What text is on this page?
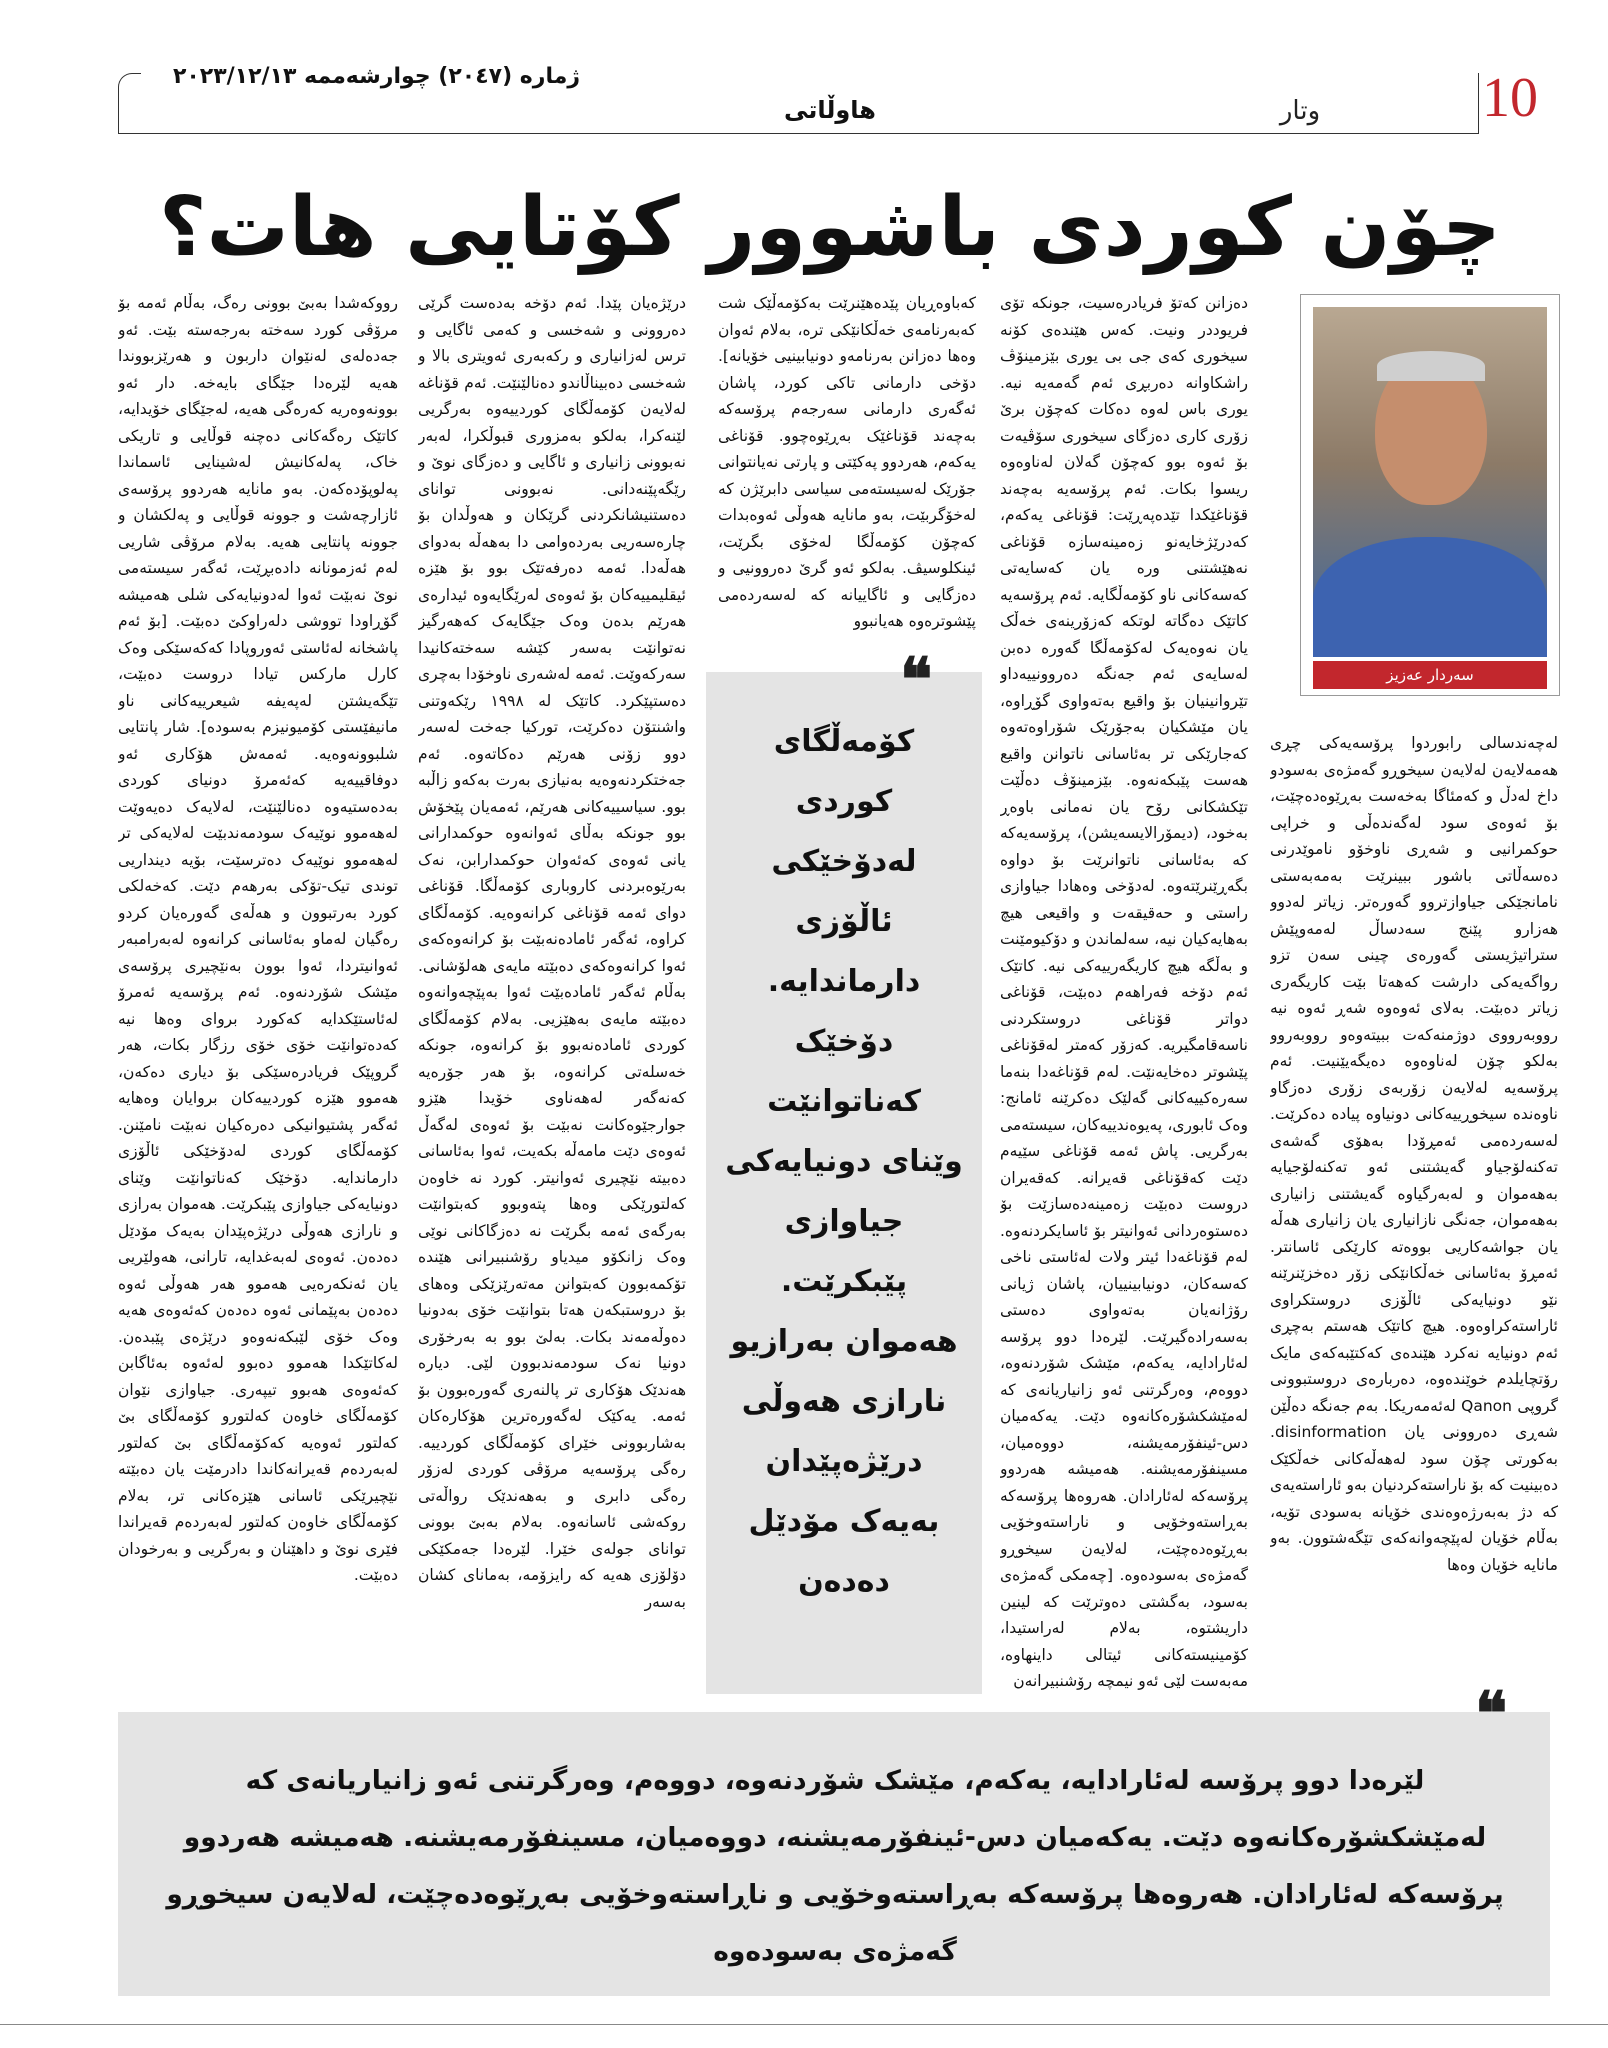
ژماره (٢٠٤٧) چوارشەممە ٢٠٢٣/١٢/١٣
هاوڵاتی	وتار	10
چۆن کوردی باشوور کۆتایی هات؟
سەردار عەزیز

لەچەندسالی رابوردوا پرۆسەیەکی چڕی هەمەلایەن لەلایەن سیخوڕو گەمژەی بەسودو داخ لەدڵ و کەمئاگا بەخەست بەڕێوەدەچێت، بۆ ئەوەی سود لەگەندەڵی و خراپی حوکمرانیی و شەڕی ناوخۆو ناموێدرنی دەسەڵاتی باشور ببینرێت بەمەبەستی نامانجێکی جیاوازتروو گەورەتر. زیاتر لەدوو هەزارو پێنج سەدساڵ لەمەوپێش ستراتیژیستی گەورەی چینی سەن تزو رواگەیەکی دارشت کەهەتا بێت کاریگەری زیاتر دەبێت. بەلای ئەوەوە شەڕ ئەوە نیە رووبەرووی دوژمنەکەت ببیتەوەو رووبەروو بەلکو چۆن لەناوەوە دەیگەیێنیت. ئەم پرۆسەیە لەلایەن زۆربەی زۆری دەزگاو ناوەندە سیخوڕییەکانی دونیاوە پیادە دەکرێت. لەسەردەمی ئەمڕۆدا بەهۆی گەشەی تەکنەلۆجیاو گەیشتنی ئەو تەکنەلۆجیایە بەهەموان و لەبەرگیاوە گەیشتنی زانیاری بەهەموان، جەنگی نازانیاری یان زانیاری هەڵە یان جواشەکاریی بووەتە کارێکی ئاسانتر. ئەمڕۆ بەئاسانی خەڵکانێکی زۆر دەخزێنرێنە نێو دونیایەکی ئاڵۆزی دروستکراوی ئاراستەکراوەوە. هیچ کاتێک هەستم بەچڕی ئەم دونیایە نەکرد هێندەی کەکتێبەکەی مایک رۆتچایلدم خوێندەوە، دەربارەی دروستبوونی گروپی Qanon لەئەمەریکا. بەم جەنگە دەڵێن شەڕی دەروونی یان disinformation. بەکورتی چۆن سود لەهەڵەکانی خەڵکێک دەبینیت کە بۆ ناراستەکردنیان بەو ئاراستەیەی کە دژ بەبەرژەوەندی خۆیانە بەسودی تۆیە، بەڵام خۆیان لەپێچەوانەکەی تێگەشتوون. بەو مانایە خۆیان وەها

دەزانن کەتۆ فریادرەسیت، جونکە تۆی فریوددر ونیت. کەس هێندەی کۆنە سیخوری کەی جی بی یوری بێزمینۆڤ راشکاوانە دەربڕی ئەم گەمەیە نیە. یوری باس لەوە دەکات کەچۆن برێ زۆری کاری دەزگای سیخوری سۆڤیەت بۆ ئەوە بوو کەچۆن گەلان لەناوەوە ریسوا بکات. ئەم پرۆسەیە بەچەند قۆناغێکدا تێدەپەڕێت: قۆناغی یەکەم، کەدرێژخایەنو زەمینەسازە قۆناغی نەهێشتنی ورە یان کەسایەتی کەسەکانی ناو کۆمەڵگایە. ئەم پرۆسەیە کاتێک دەگاتە لوتکە کەزۆرینەی خەڵک یان نەوەیەک لەکۆمەڵگا گەورە دەبن لەسایەی ئەم جەنگە دەروونییەداو تێروانینیان بۆ واقیع بەتەواوی گۆڕاوە، یان مێشکیان بەجۆرێک شۆراوەتەوە کەجارێکی تر بەئاسانی ناتوانن واقیع هەست پێبکەنەوە. بێزمینۆڤ دەڵێت تێکشکانی رۆح یان نەمانی باوەڕ بەخود، (دیمۆرالایسەیشن)، پرۆسەیەکە کە بەئاسانی ناتوانرێت بۆ دواوە بگەڕێنرێتەوە. لەدۆخی وەهادا جیاوازی راستی و حەقیقەت و واقیعی هیچ بەهایەکیان نیە، سەلماندن و دۆکیومێنت و بەڵگە هیچ کاریگەرییەکی نیە. کاتێک ئەم دۆخە فەراهەم دەبێت، قۆناغی دواتر قۆناغی دروستکردنی ناسەقامگیریە. کەزۆر کەمتر لەقۆناغی پێشوتر دەخایەنێت. لەم قۆناغەدا بنەما سەرەکییەکانی گەلێک دەکرێنە ئامانج: وەک ئابوری، پەیوەندییەکان، سیستەمی بەرگریی. پاش ئەمە قۆناغی سێیەم دێت کەقۆناغی قەیرانە. کەقەیران دروست دەبێت زەمینەدەسازێت بۆ دەستوەردانی ئەوانیتر بۆ ئاسایکردنەوە. لەم قۆناغەدا ئیتر ولات لەئاستی ناخی کەسەکان، دونیابینییان، پاشان ژیانی رۆژانەیان بەتەواوی دەستی بەسەرادەگیرێت. لێرەدا دوو پرۆسە لەئارادایە، یەکەم، مێشک شۆردنەوە، دووەم، وەرگرتنی ئەو زانیاریانەی کە لەمێشکشۆرەکانەوە دێت. یەکەمیان دس-ئینفۆرمەیشنە، دووەمیان، مسینفۆرمەیشنە. هەمیشە هەردوو پرۆسەکە لەئارادان. هەروەها پرۆسەکە بەڕاستەوخۆیی و ناراستەوخۆیی بەڕێوەدەچێت، لەلایەن سیخوڕو گەمژەی بەسودەوە. [چەمکی گەمژەی بەسود، بەگشتی دەوترێت کە لینین داریشتوە، بەلام لەراستیدا، کۆمینیستەکانی ئیتالی داینهاوە، مەبەست لێی ئەو نیمچە رۆشنبیرانەن

کەباوەڕیان پێدەهێنرێت بەکۆمەڵێک شت کەبەرنامەی خەڵکانێکی ترە، بەلام ئەوان وەها دەزانن بەرنامەو دونیابینیی خۆیانە]. دۆخی دارمانی تاکی کورد، پاشان ئەگەری دارمانی سەرجەم پرۆسەکە بەچەند قۆناغێک بەڕێوەچوو. قۆناغی یەکەم، هەردوو پەکێتی و پارتی نەیانتوانی جۆرێک لەسیستەمی سیاسی دابرێژن کە لەخۆگربێت، بەو مانایە هەوڵی ئەوەبدات کەچۆن کۆمەڵگا لەخۆی بگرێت، ئینکلوسیڤ. بەلکو ئەو گرێ دەروونیی و دەزگایی و ئاگاییانە کە لەسەردەمی پێشوترەوە هەیانبوو

درێژەیان پێدا. ئەم دۆخە بەدەست گرێی دەروونی و شەخسی و کەمی ئاگایی و ترس لەزانیاری و رکەبەری ئەویتری بالا و شەخسی دەبیناڵاندو دەنالێنێت. ئەم قۆناغە لەلایەن کۆمەڵگای کوردییەوە بەرگریی لێنەکرا، بەلکو بەمزوری قبوڵکرا، لەبەر نەبوونی زانیاری و ئاگایی و دەزگای نوێ و رێگەپێنەدانی. نەبوونی توانای دەستنیشانکردنی گرێکان و هەوڵدان بۆ چارەسەریی بەردەوامی دا بەهەڵە بەدوای هەڵەدا. ئەمە دەرفەتێک بوو بۆ هێزە ئیقلیمییەکان بۆ ئەوەی لەرێگایەوە ئیدارەی هەرێم بدەن وەک جێگایەک کەهەرگیز نەتوانێت بەسەر کێشە سەختەکانیدا سەرکەوێت. ئەمە لەشەری ناوخۆدا بەچری دەستپێکرد. کاتێک لە ١٩٩٨ رێکەوتنی واشنتۆن دەکرێت، تورکیا جەخت لەسەر دوو زۆنی هەرێم دەکاتەوە. ئەم جەختکردنەوەیە بەنیازی بەرت بەکەو زاڵبە بوو. سیاسییەکانی هەرێم، ئەمەیان پێخۆش بوو جونکە بەڵای ئەوانەوە حوکمدارانی یانی ئەوەی کەئەوان حوکمدارابن، نەک بەرێوەبردنی کاروباری کۆمەڵگا. قۆناغی دوای ئەمە قۆناغی کرانەوەیە. کۆمەڵگای کراوە، ئەگەر ئامادەنەبێت بۆ کرانەوەکەی ئەوا کرانەوەکەی دەبێتە مایەی هەلۆشانی. بەڵام ئەگەر ئامادەبێت ئەوا بەپێچەوانەوە دەبێتە مایەی بەهێزیی. بەلام کۆمەڵگای کوردی ئامادەنەبوو بۆ کرانەوە، جونکە خەسلەتی کرانەوە، بۆ هەر جۆرەیە کەنەگەر لەهەناوی خۆیدا هێزو جوارجێوەکانت نەبێت بۆ ئەوەی لەگەڵ ئەوەی دێت مامەڵە بکەیت، ئەوا بەئاسانی دەبیتە نێچیری ئەوانیتر. کورد نە خاوەن کەلتورێکی وەها پتەوبوو کەبتوانێت بەرگەی ئەمە بگرێت نە دەزگاکانی نوێی وەک زانکۆو میدیاو رۆشنبیرانی هێندە تۆکمەبوون کەبتوانن مەتەرێزێکی وەهای بۆ دروستبکەن هەتا بتوانێت خۆی بەدونیا دەوڵەمەند بکات. بەلێ بوو بە بەرخۆری دونیا نەک سودمەندبوون لێی. دیارە هەندێک هۆکاری تر پالنەری گەورەبوون بۆ ئەمە. یەکێک لەگەورەترین هۆکارەکان بەشاربوونی خێرای کۆمەڵگای کوردییە. رەگی پرۆسەیە مرۆڤی کوردی لەزۆر رەگی دابری و بەهەندێک رواڵەتی روکەشی ئاسانەوە. بەلام بەبێ بوونی توانای جولەی خێرا. لێرەدا جەمکێکی دۆلۆزی هەیە کە رایزۆمە، بەمانای کشان بەسەر

رووکەشدا بەبێ بوونی رەگ، بەڵام ئەمە بۆ مرۆڤی کورد سەختە بەرجەستە بێت. ئەو جەدەلەی لەنێوان داربون و هەرێزبووندا هەیە لێرەدا جێگای بایەخە. دار ئەو بوونەوەریە کەرەگی هەیە، لەجێگای خۆیدایە، کاتێک رەگەکانی دەچنە قوڵایی و تاریکی خاک، پەلەکانیش لەشینایی ئاسماندا پەلوپۆدەکەن. بەو مانایە هەردوو پرۆسەی ئازارچەشت و جوونە قوڵایی و پەلکشان و جوونە پانتایی هەیە. بەلام مرۆڤی شاریی لەم ئەزمونانە دادەبڕێت، ئەگەر سیستەمی نوێ نەبێت ئەوا لەدونیایەکی شلی هەمیشە گۆڕاودا تووشی دلەراوکێ دەبێت. [بۆ ئەم پاشخانە لەئاستی ئەوروپادا کەکەسێکی وەک کارل مارکس تیادا دروست دەبێت، تێگەیشتن لەپەیفە شیعرییەکانی ناو مانیفێستی کۆمیونیزم بەسودە]. شار پانتایی شلبوونەوەیە. ئەمەش هۆکاری ئەو دوفاقییەیە کەئەمرۆ دونیای کوردی بەدەستیەوە دەنالێنێت، لەلایەک دەیەوێت لەهەموو نوێیەک سودمەندبێت لەلایەکی تر لەهەموو نوێیەک دەترسێت، بۆیە دینداریی توندی تیک-تۆکی بەرهەم دێت. کەخەلکی کورد بەرتبوون و هەڵەی گەورەیان کردو رەگیان لەماو بەئاسانی کرانەوە لەبەرامبەر ئەوانیتردا، ئەوا بوون بەنێچیری پرۆسەی مێشک شۆردنەوە. ئەم پرۆسەیە ئەمرۆ لەئاستێکدایە کەکورد بروای وەها نیە کەدەتوانێت خۆی خۆی رزگار بکات، هەر گروپێک فریادرەسێکی بۆ دیاری دەکەن، هەموو هێزە کوردییەکان بروایان وەهایە ئەگەر پشتیوانیکی دەرەکیان نەبێت نامێنن. کۆمەڵگای کوردی لەدۆخێکی ئاڵۆزی دارماندایە. دۆخێک کەناتوانێت وێنای دونیایەکی جیاوازی پێبکرێت. هەموان بەرازی و نارازی هەوڵی درێژەپێدان بەیەک مۆدێل دەدەن. ئەوەی لەبەغدایە، تارانی، هەولێریی یان ئەنکەرەیی هەموو هەر هەوڵی ئەوە دەدەن بەپێمانی ئەوە دەدەن کەئەوەی هەیە وەک خۆی لێبکەنەوەو درێژەی پێبدەن. لەکاتێکدا هەموو دەبوو لەئەوە بەئاگابن کەئەوەی هەبوو تیپەرى. جیاوازی نێوان کۆمەڵگای خاوەن کەلتورو کۆمەڵگای بێ کەلتور ئەوەیە کەکۆمەڵگای بێ کەلتور لەبەردەم قەیرانەکاندا دادرمێت یان دەبێتە نێچیرێکی ئاسانی هێزەکانی تر، بەلام کۆمەڵگای خاوەن کەلتور لەبەردەم قەیراندا فێری نوێ و داهێنان و بەرگریی و بەرخودان دەبێت.

❝
کۆمەڵگای
کوردی
لەدۆخێکی
ئاڵۆزی
دارماندایە.
دۆخێک
کەناتوانێت
وێنای دونیایەکی
جیاوازی
پێبکرێت.
هەموان بەرازیو
نارازی هەوڵی
درێژەپێدان
بەیەک مۆدێل
دەدەن
❝
لێرەدا دوو پرۆسە لەئارادایە، یەکەم، مێشک شۆردنەوە، دووەم، وەرگرتنی ئەو زانیاریانەی کە لەمێشکشۆرەکانەوە دێت. یەکەمیان دس-ئینفۆرمەیشنە، دووەمیان، مسینفۆرمەیشنە. هەمیشە هەردوو پرۆسەکە لەئارادان. هەروەها پرۆسەکە بەڕاستەوخۆیی و ناڕاستەوخۆیی بەڕێوەدەچێت، لەلایەن سیخوڕو گەمژەی بەسودەوە
